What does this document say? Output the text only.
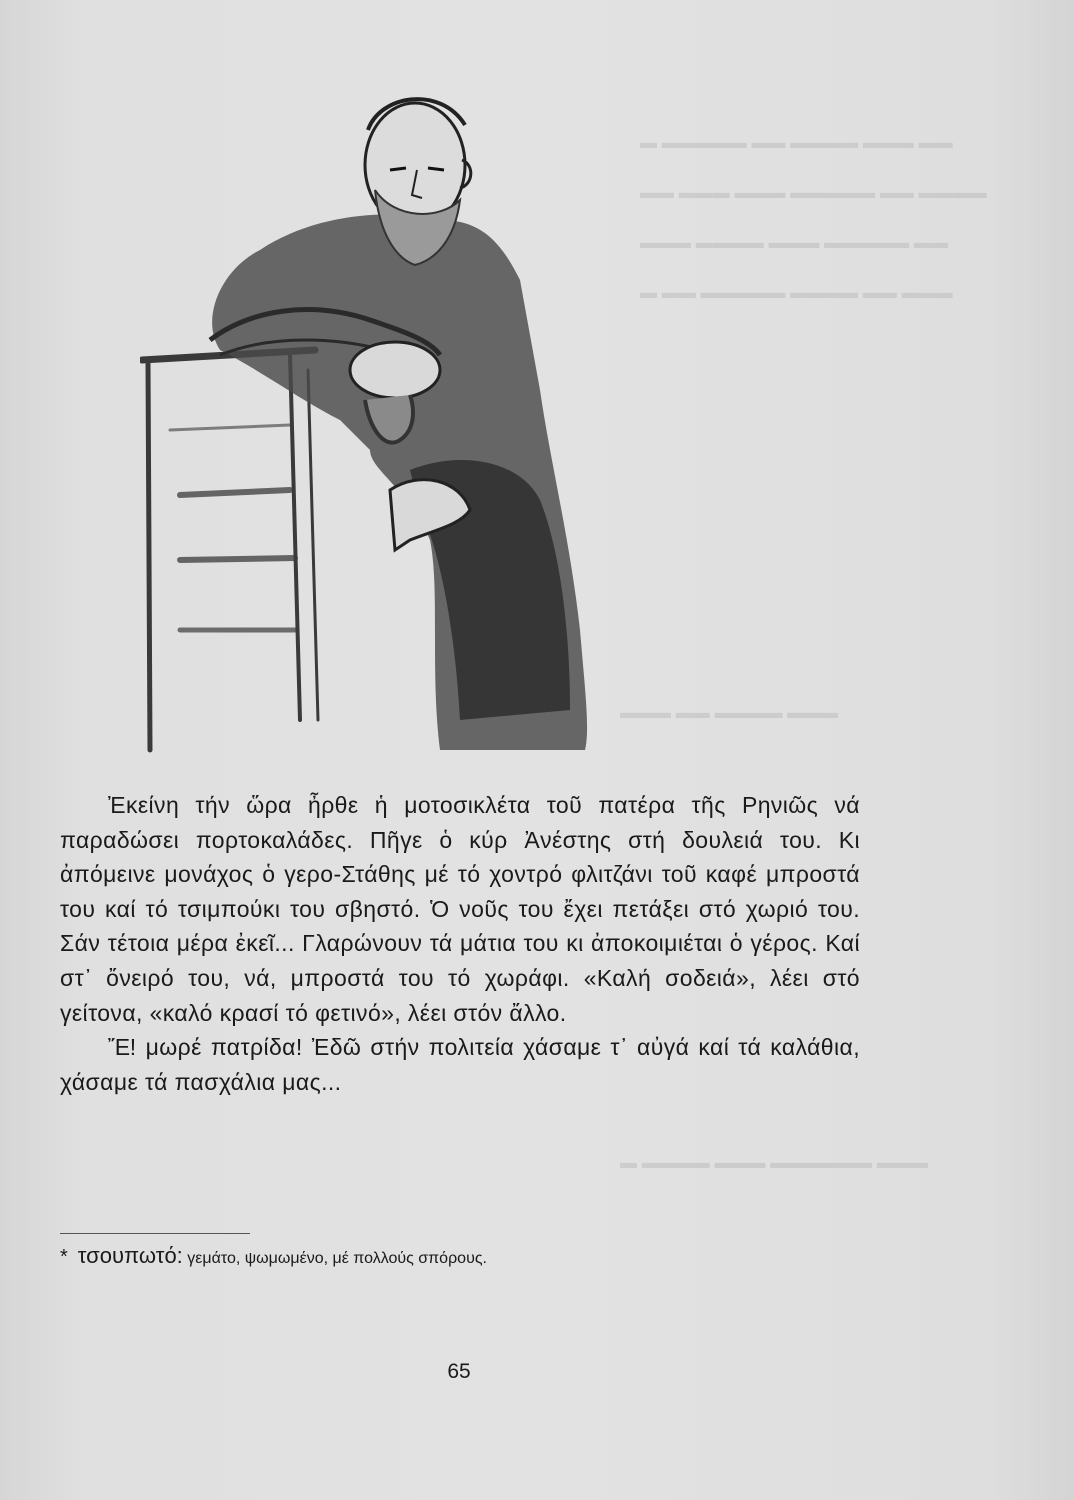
▬▬ ▬▬▬ ▬▬▬▬ ▬▬ ▬▬▬▬▬ ▬
▬▬▬▬ ▬▬ ▬▬▬▬▬ ▬▬▬ ▬▬▬ ▬▬
▬▬ ▬▬▬▬▬ ▬▬▬ ▬▬▬▬ ▬▬▬
▬▬▬ ▬▬ ▬▬▬▬ ▬▬▬▬▬ ▬▬ ▬
▬▬▬ ▬▬▬▬ ▬▬ ▬▬▬
▬▬▬ ▬▬▬▬▬▬ ▬▬▬ ▬▬▬▬ ▬

Ἐκείνη τήν ὥρα ἦρθε ἡ μοτοσικλέτα τοῦ πατέρα τῆς Ρηνιῶς νά παραδώσει πορτοκαλάδες. Πῆγε ὁ κύρ Ἀνέστης στή δουλειά του. Κι ἀπόμεινε μονάχος ὁ γερο-Στάθης μέ τό χοντρό φλιτζάνι τοῦ καφέ μπροστά του καί τό τσιμπούκι του σβηστό. Ὁ νοῦς του ἔχει πετάξει στό χωριό του. Σάν τέτοια μέρα ἐκεῖ... Γλαρώνουν τά μάτια του κι ἀποκοιμιέται ὁ γέρος. Καί στ᾽ ὄνειρό του, νά, μπροστά του τό χωράφι. «Καλή σοδειά», λέει στό γείτονα, «καλό κρασί τό φετινό», λέει στόν ἄλλο.

Ἔ! μωρέ πατρίδα! Ἐδῶ στήν πολιτεία χάσαμε τ᾽ αὐγά καί τά καλάθια, χάσαμε τά πασχάλια μας...

* τσουπωτό: γεμάτο, ψωμωμένο, μέ πολλούς σπόρους.
65
